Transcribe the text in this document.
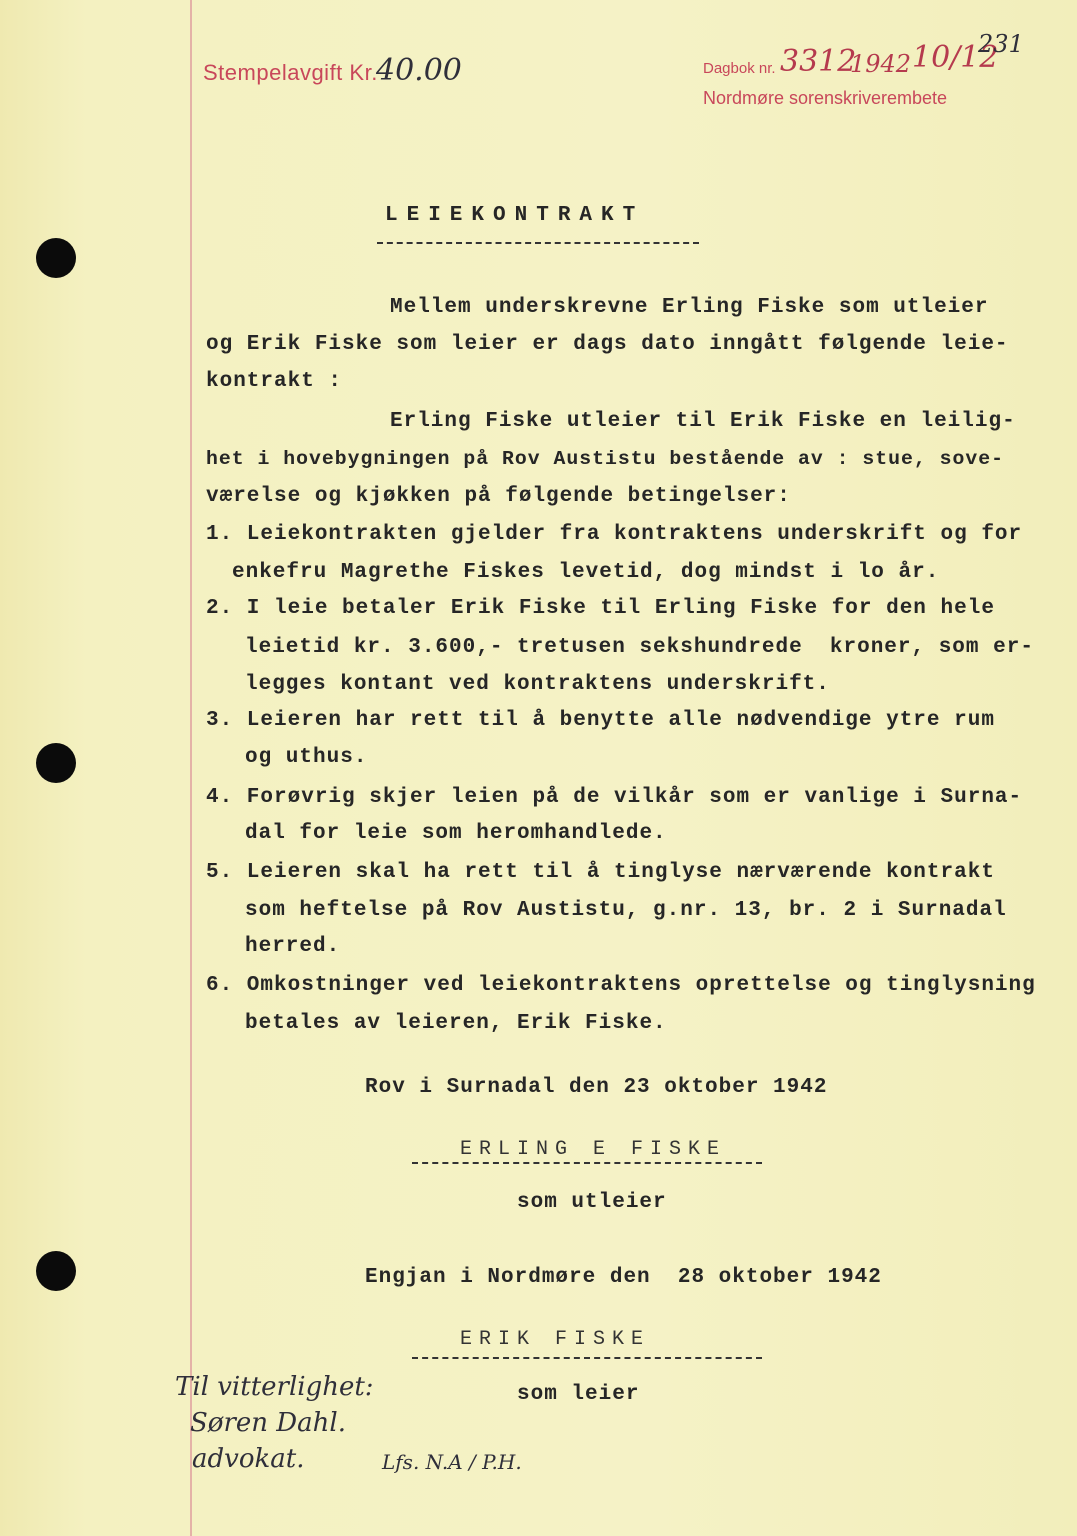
Stempelavgift Kr.
40.00	Dagbok nr. 3312
1942 10/12
Nordmøre sorenskriverembete
231
LEIEKONTRAKT
Mellem underskrevne Erling Fiske som utleier
og Erik Fiske som leier er dags dato inngått følgende leie-
kontrakt :
Erling Fiske utleier til Erik Fiske en leilig-
het i hovebygningen på Rov Austistu bestående av : stue, sove-
værelse og kjøkken på følgende betingelser:
1. Leiekontrakten gjelder fra kontraktens underskrift og for
enkefru Magrethe Fiskes levetid, dog mindst i lo år.
2. I leie betaler Erik Fiske til Erling Fiske for den hele
leietid kr. 3.600,- tretusen sekshundrede  kroner, som er-
legges kontant ved kontraktens underskrift.
3. Leieren har rett til å benytte alle nødvendige ytre rum
og uthus.
4. Forøvrig skjer leien på de vilkår som er vanlige i Surna-
dal for leie som heromhandlede.
5. Leieren skal ha rett til å tinglyse nærværende kontrakt
som heftelse på Rov Austistu, g.nr. 13, br. 2 i Surnadal
herred.
6. Omkostninger ved leiekontraktens oprettelse og tinglysning
betales av leieren, Erik Fiske.
Rov i Surnadal den 23 oktober 1942
ERLING E FISKE
som utleier
Engjan i Nordmøre den  28 oktober 1942
ERIK FISKE
som leier
Til vitterlighet:
Søren Dahl.
advokat.	Lfs. N.A / P.H.
